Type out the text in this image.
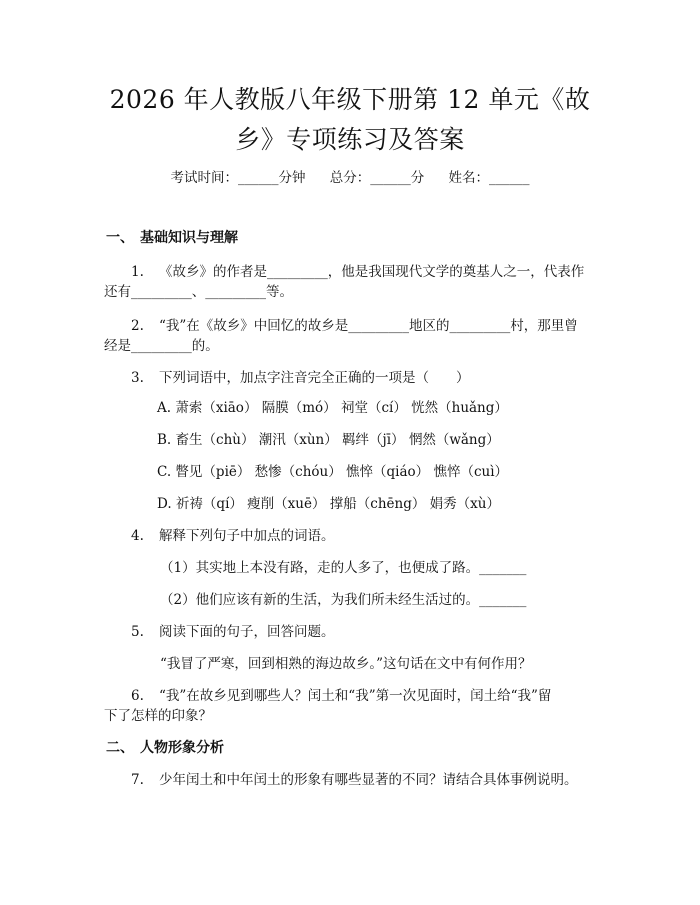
2026 年人教版八年级下册第 12 单元《故
乡》专项练习及答案
考试时间：______分钟 总分：______分 姓名：______
一、 基础知识与理解
1. 《故乡》的作者是_________，他是我国现代文学的奠基人之一，代表作
还有_________、_________等。
2. “我”在《故乡》中回忆的故乡是_________地区的_________村，那里曾
经是_________的。
3. 下列词语中，加点字注音完全正确的一项是（　　）
A. 萧索（xiāo） 隔膜（mó） 祠堂（cí） 恍然（huǎng）
B. 畜生（chù） 潮汛（xùn） 羁绊（jī） 惘然（wǎng）
C. 瞥见（piē） 愁惨（chóu） 憔悴（qiáo） 憔悴（cuì）
D. 祈祷（qí） 瘦削（xuē） 撑船（chēng） 娟秀（xù）
4. 解释下列句子中加点的词语。
（1）其实地上本没有路，走的人多了，也便成了路。_______
（2）他们应该有新的生活，为我们所未经生活过的。_______
5. 阅读下面的句子，回答问题。
“我冒了严寒，回到相熟的海边故乡。”这句话在文中有何作用？
6. “我”在故乡见到哪些人？闰土和“我”第一次见面时，闰土给“我”留
下了怎样的印象？
二、 人物形象分析
7. 少年闰土和中年闰土的形象有哪些显著的不同？请结合具体事例说明。
